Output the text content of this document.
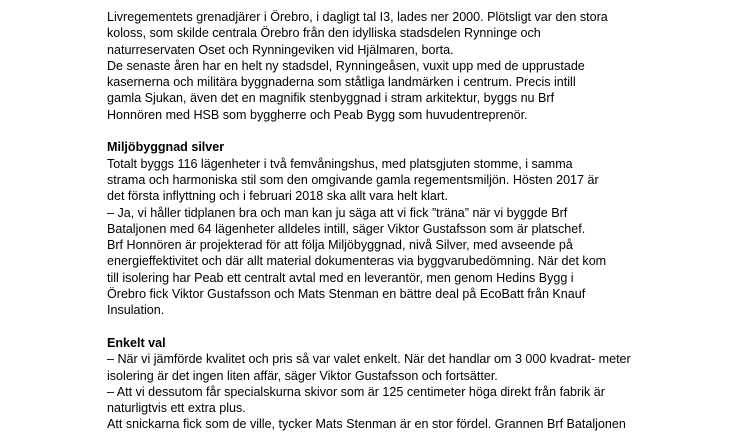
Livregementets grenadjärer i Örebro, i dagligt tal I3, lades ner 2000. Plötsligt var den stora

koloss, som skilde centrala Örebro från den idylliska stadsdelen Rynninge och

naturreservaten Oset och Rynningeviken vid Hjälmaren, borta.

De senaste åren har en helt ny stadsdel, Rynningeåsen, vuxit upp med de upprustade

kasernerna och militära byggnaderna som ståtliga landmärken i centrum. Precis intill

gamla Sjukan, även det en magnifik stenbyggnad i stram arkitektur, byggs nu Brf

Honnören med HSB som byggherre och Peab Bygg som huvudentreprenör.

Miljöbyggnad silver

Totalt byggs 116 lägenheter i två femvåningshus, med platsgjuten stomme, i samma

strama och harmoniska stil som den omgivande gamla regementsmiljön. Hösten 2017 är

det första inflyttning och i februari 2018 ska allt vara helt klart.

– Ja, vi håller tidplanen bra och man kan ju säga att vi fick ”träna” när vi byggde Brf

Bataljonen med 64 lägenheter alldeles intill, säger Viktor Gustafsson som är platschef.

Brf Honnören är projekterad för att följa Miljöbyggnad, nivå Silver, med avseende på

energieffektivitet och där allt material dokumenteras via byggvarubedömning. När det kom

till isolering har Peab ett centralt avtal med en leverantör, men genom Hedins Bygg i

Örebro fick Viktor Gustafsson och Mats Stenman en bättre deal på EcoBatt från Knauf

Insulation.

Enkelt val

– När vi jämförde kvalitet och pris så var valet enkelt. När det handlar om 3 000 kvadrat- meter

isolering är det ingen liten affär, säger Viktor Gustafsson och fortsätter.

– Att vi dessutom får specialskurna skivor som är 125 centimeter höga direkt från fabrik är

naturligtvis ett extra plus.

Att snickarna fick som de ville, tycker Mats Stenman är en stor fördel. Grannen Brf Bataljonen
